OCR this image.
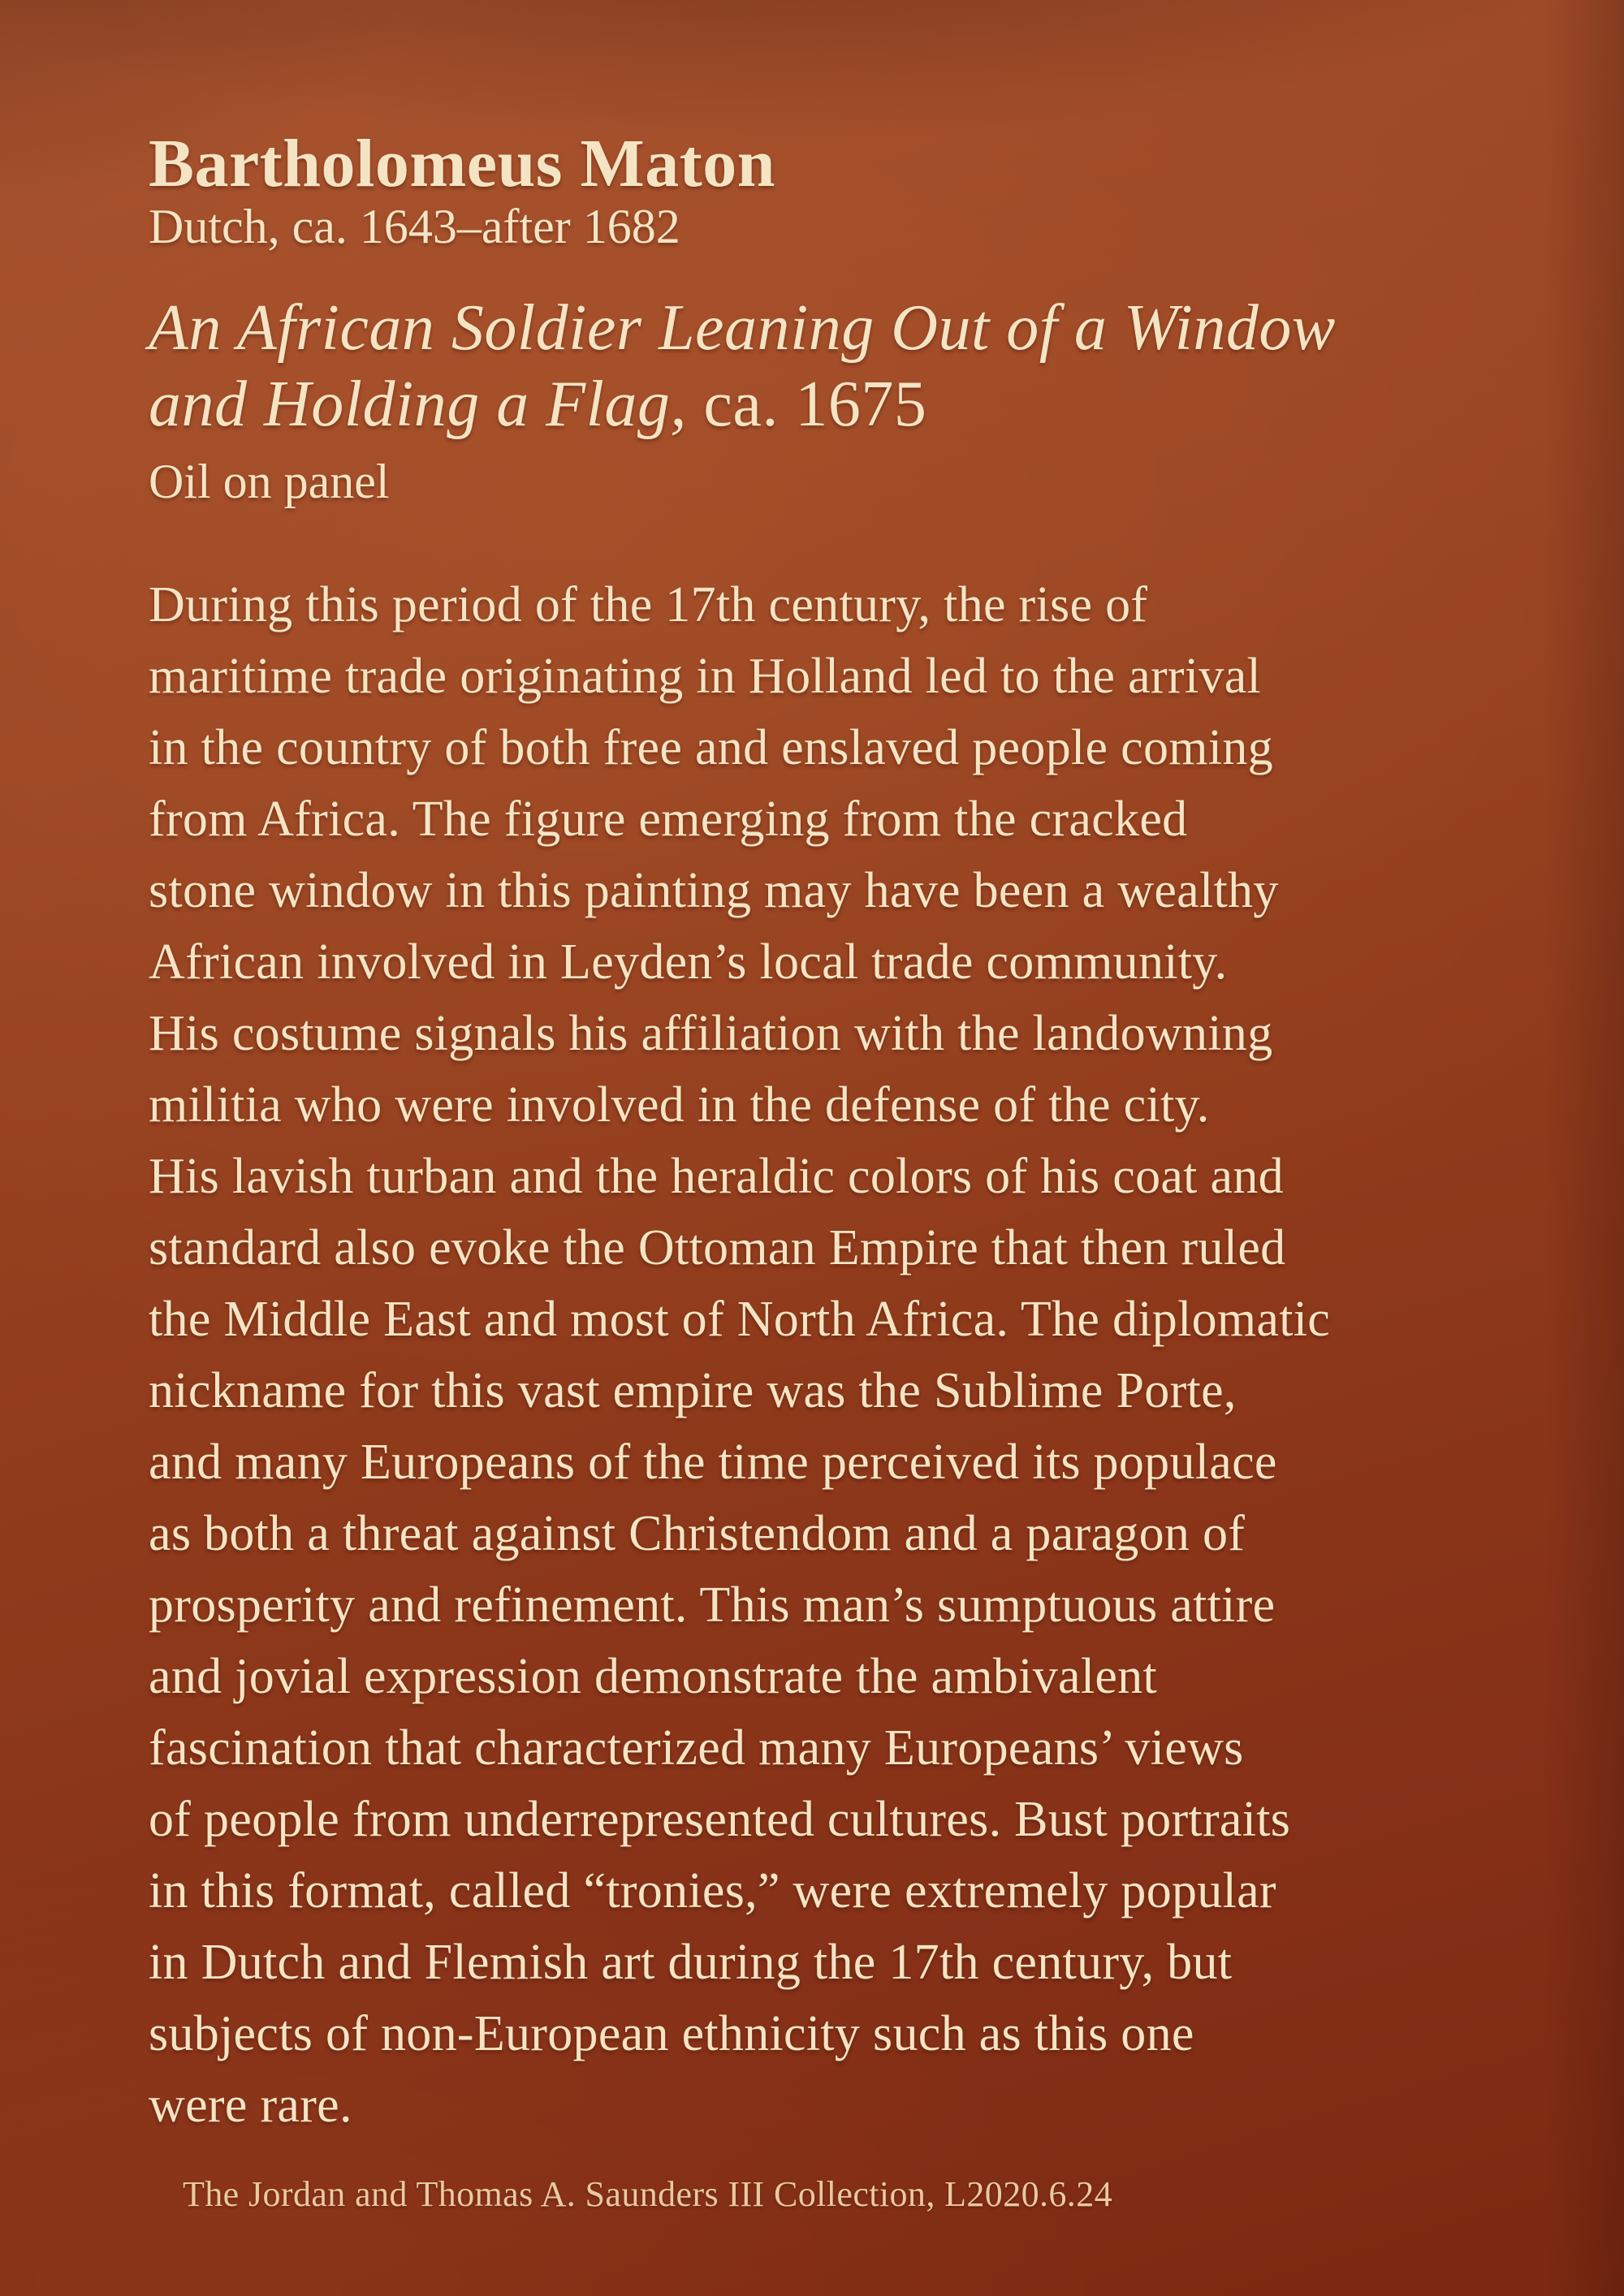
Bartholomeus Maton
Dutch, ca. 1643–after 1682
An African Soldier Leaning Out of a Window
and Holding a Flag, ca. 1675
Oil on panel
During this period of the 17th century, the rise of
maritime trade originating in Holland led to the arrival
in the country of both free and enslaved people coming
from Africa. The figure emerging from the cracked
stone window in this painting may have been a wealthy
African involved in Leyden’s local trade community.
His costume signals his affiliation with the landowning
militia who were involved in the defense of the city.
His lavish turban and the heraldic colors of his coat and
standard also evoke the Ottoman Empire that then ruled
the Middle East and most of North Africa. The diplomatic
nickname for this vast empire was the Sublime Porte,
and many Europeans of the time perceived its populace
as both a threat against Christendom and a paragon of
prosperity and refinement. This man’s sumptuous attire
and jovial expression demonstrate the ambivalent
fascination that characterized many Europeans’ views
of people from underrepresented cultures. Bust portraits
in this format, called “tronies,” were extremely popular
in Dutch and Flemish art during the 17th century, but
subjects of non-European ethnicity such as this one
were rare.
The Jordan and Thomas A. Saunders III Collection, L2020.6.24
